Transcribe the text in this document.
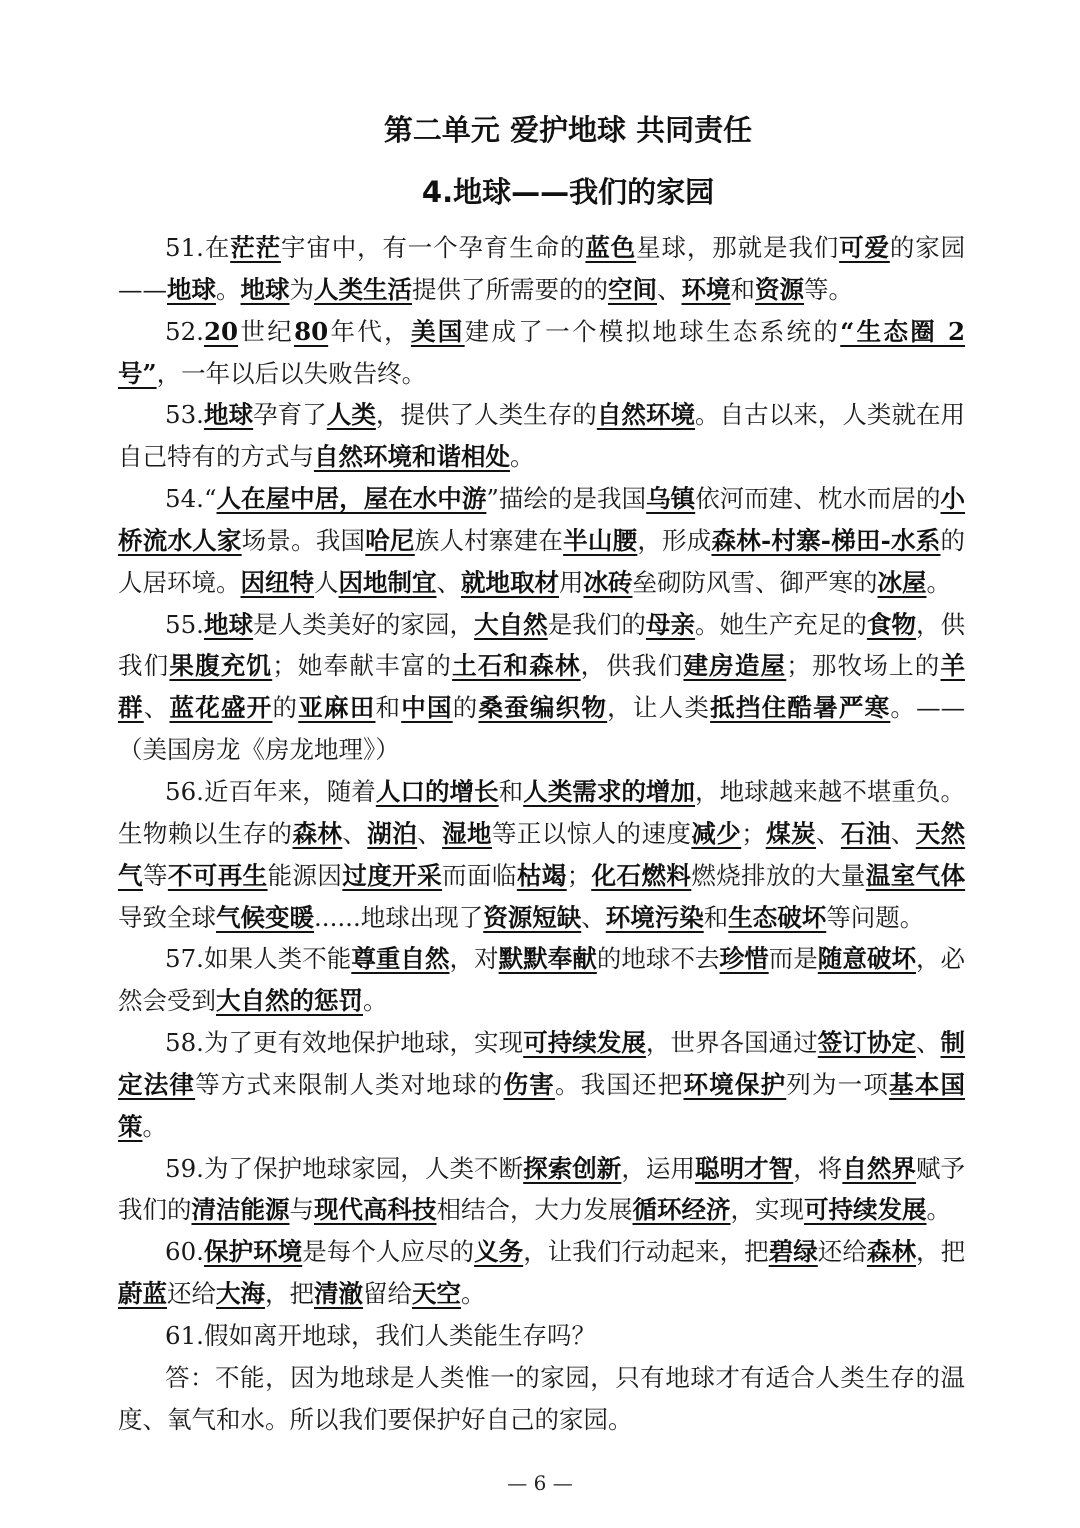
第二单元 爱护地球 共同责任
4.地球——我们的家园

51.在茫茫宇宙中，有一个孕育生命的蓝色星球，那就是我们可爱的家园——地球。地球为人类生活提供了所需要的的空间、环境和资源等。

52.20世纪80年代，美国建成了一个模拟地球生态系统的“生态圈 2 号”，一年以后以失败告终。

53.地球孕育了人类，提供了人类生存的自然环境。自古以来，人类就在用自己特有的方式与自然环境和谐相处。

54.“人在屋中居，屋在水中游”描绘的是我国乌镇依河而建、枕水而居的小桥流水人家场景。我国哈尼族人村寨建在半山腰，形成森林-村寨-梯田-水系的人居环境。因纽特人因地制宜、就地取材用冰砖垒砌防风雪、御严寒的冰屋。

55.地球是人类美好的家园，大自然是我们的母亲。她生产充足的食物，供我们果腹充饥；她奉献丰富的土石和森林，供我们建房造屋；那牧场上的羊群、蓝花盛开的亚麻田和中国的桑蚕编织物，让人类抵挡住酷暑严寒。——（美国房龙《房龙地理》）

56.近百年来，随着人口的增长和人类需求的增加，地球越来越不堪重负。生物赖以生存的森林、湖泊、湿地等正以惊人的速度减少；煤炭、石油、天然气等不可再生能源因过度开采而面临枯竭；化石燃料燃烧排放的大量温室气体导致全球气候变暖......地球出现了资源短缺、环境污染和生态破坏等问题。

57.如果人类不能尊重自然，对默默奉献的地球不去珍惜而是随意破坏，必然会受到大自然的惩罚。

58.为了更有效地保护地球，实现可持续发展，世界各国通过签订协定、制定法律等方式来限制人类对地球的伤害。我国还把环境保护列为一项基本国策。

59.为了保护地球家园，人类不断探索创新，运用聪明才智，将自然界赋予我们的清洁能源与现代高科技相结合，大力发展循环经济，实现可持续发展。

60.保护环境是每个人应尽的义务，让我们行动起来，把碧绿还给森林，把蔚蓝还给大海，把清澈留给天空。

61.假如离开地球，我们人类能生存吗？

答：不能，因为地球是人类惟一的家园，只有地球才有适合人类生存的温度、氧气和水。所以我们要保护好自己的家园。

— 6 —
